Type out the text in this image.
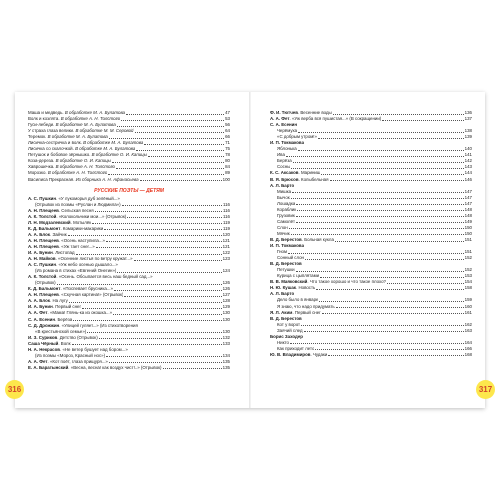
Маша и медведь. В обработке М. А. Булатова	47
Волк и козлята. В обработке А. Н. Толстого	53
Гуси-лебеди. В обработке М. А. Булатова	56
У страха глаза велики. В обработке М. М. Серовой	64
Теремок. В обработке М. А. Булатова	66
Лисичка-сестричка и волк. В обработке М. А. Булатова	71
Лисичка со скалочкой. В обработке М. А. Булатова	75
Петушок и бобовое зёрнышко. В обработке О. И. Капицы	78
Коза-дереза. В обработке О. И. Капицы	80
Хаврошечка. В обработке А. Н. Толстого	84
Морозко. В обработке А. Н. Толстого	89
Василиса Прекрасная. Из сборника А. Н. Афанасьева	100
РУССКИЕ ПОЭТЫ — ДЕТЯМ
А. С. Пушкин. «У лукоморья дуб зелёный...»
(Отрывок из поэмы «Руслан и Людмила»)	116
А. Н. Плещеев. Сельская песня	116
А. К. Толстой. «Колокольчики мои...» (Отрывок)	116
Л. Н. Модзалевский. Мотылёк	119
К. Д. Бальмонт. Комарики-макарики	119
А. А. Блок. Зайчик	120
А. Н. Плещеев. «Осень наступила...»	121
А. Н. Плещеев. «Уж тает снег...»	121
И. А. Бунин. Листопад	122
А. Н. Майков. «Осенние листья по ветру кружат...»	123
А. С. Пушкин. «Уж небо осенью дышало...»
(Из романа в стихах «Евгений Онегин»)	124
А. К. Толстой. «Осень. Обсыпается весь наш бедный сад...»
(Отрывок)	126
К. Д. Бальмонт. «Поспевает брусника...»	126
А. Н. Плещеев. «Скучная картина!» (Отрывок)	127
А. А. Блок. На лугу	128
И. А. Бунин. Первый снег	129
А. А. Фет. «Мама! Глянь-ка из окошка...»	130
С. А. Есенин. Берёза	130
С. Д. Дрожжин. «Улицей гуляет...» (Из стихотворения
«В крестьянской семье»)	130
И. З. Суриков. Детство (Отрывок)	132
Саша Чёрный. Волк	133
Н. А. Некрасов. «Не ветер бушует над бором...»
(Из поэмы «Мороз, Красный нос»)	134
А. А. Фет. «Кот поёт, глаза прищуря...»	135
Е. А. Баратынский. «Весна, весна! как воздух чист!..» (Отрывок)	135
Ф. И. Тютчев. Весенние воды	136
А. А. Фет. «Уж верба вся пушистая...» (В сокращении)	137
С. А. Есенин
Черёмуха	138
«С добрым утром!»	139
И. П. Токмакова
Яблонька	140
Ива	141
Берёза	142
Сосны	143
К. С. Аксаков. Мариниш	144
В. Я. Брюсов. Колыбельная	146
А. Л. Барто
Мишка	147
Бычок	147
Лошадка	147
Кораблик	148
Грузовик	148
Самолёт	149
Слон	150
Мячик	150
В. Д. Берестов. Больная кукла	151
И. П. Токмакова
Гном	151
Сонный слон	152
В. Д. Берестов
Петушки	152
Курица с цыплятами	153
В. В. Маяковский. Что такое хорошо и что такое плохо?	154
Н. Ю. Кушак. Новость	158
А. Л. Барто
Дело было в январе	159
Я знаю, что надо придумать	160
Я. Л. Аким. Первый снег	161
В. Д. Берестов
Кот у ворот	162
Заячий след	163
Борис Заходер
Никто	164
Как приходит лето	166
Ю. В. Владимиров. Чудаки	168
316	317
